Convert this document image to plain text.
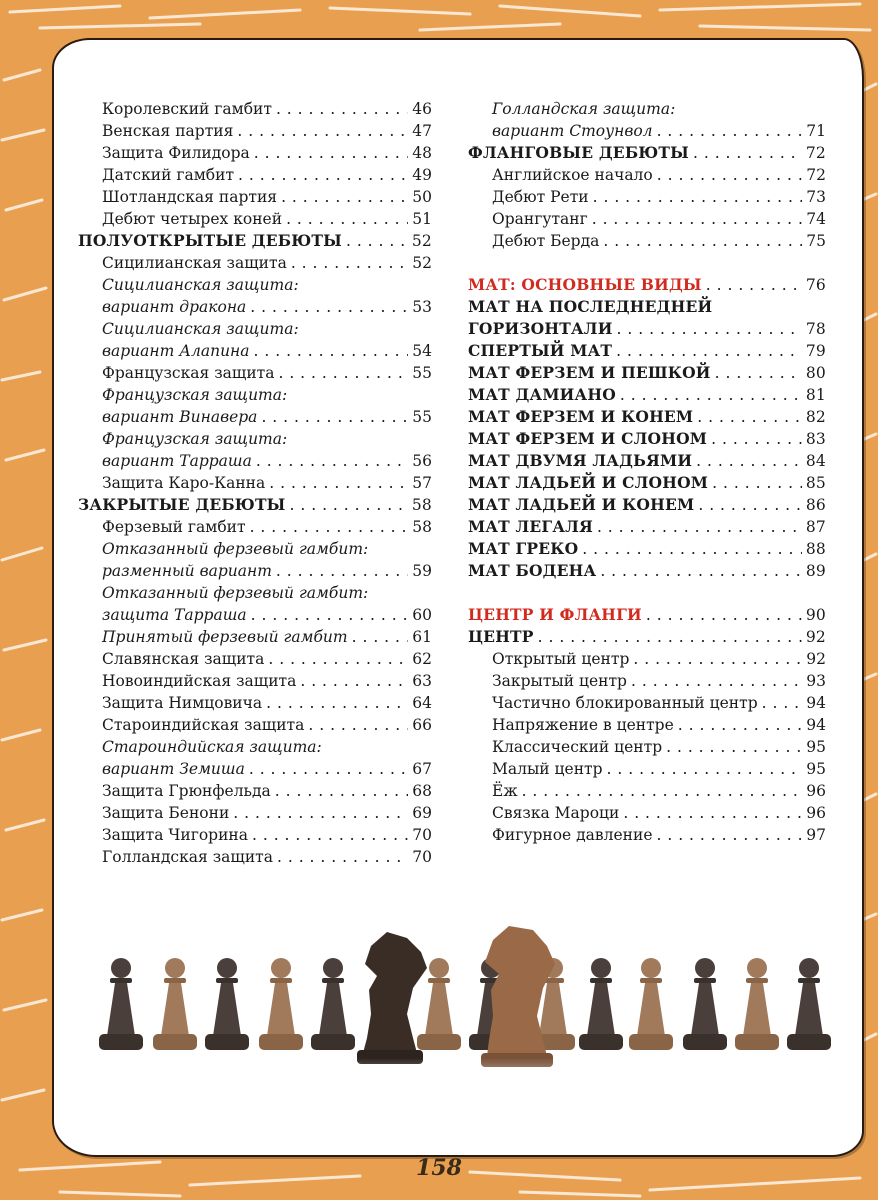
Королевский гамбит . . .	46
Венская партия . . .	47
Защита Филидора . . .	48
Датский гамбит . . .	49
Шотландская партия . . .	50
Дебют четырех коней . . .	51
ПОЛУОТКРЫТЫЕ ДЕБЮТЫ . . .	52
Сицилианская защита . . .	52
Сицилианская защита:
вариант дракона . . .	53
Сицилианская защита:
вариант Алапина . . .	54
Французская защита . . .	55
Французская защита:
вариант Винавера . . .	55
Французская защита:
вариант Тарраша . . .	56
Защита Каро-Канна . . .	57
ЗАКРЫТЫЕ ДЕБЮТЫ . . .	58
Ферзевый гамбит . . .	58
Отказанный ферзевый гамбит:
разменный вариант . . .	59
Отказанный ферзевый гамбит:
защита Тарраша . . .	60
Принятый ферзевый гамбит . . .	61
Славянская защита . . .	62
Новоиндийская защита . . .	63
Защита Нимцовича . . .	64
Староиндийская защита . . .	66
Староиндийская защита:
вариант Земиша . . .	67
Защита Грюнфельда . . .	68
Защита Бенони . . .	69
Защита Чигорина . . .	70
Голландская защита . . .	70
Голландская защита:
вариант Стоунвол . . .	71
ФЛАНГОВЫЕ ДЕБЮТЫ . . .	72
Английское начало . . .	72
Дебют Рети . . .	73
Орангутанг . . .	74
Дебют Берда . . .	75
МАТ: ОСНОВНЫЕ ВИДЫ . . .	76
МАТ НА ПОСЛЕДНЕДНЕЙ
ГОРИЗОНТАЛИ . . .	78
СПЕРТЫЙ МАТ . . .	79
МАТ ФЕРЗЕМ И ПЕШКОЙ . . .	80
МАТ ДАМИАНО . . .	81
МАТ ФЕРЗЕМ И КОНЕМ . . .	82
МАТ ФЕРЗЕМ И СЛОНОМ . . .	83
МАТ ДВУМЯ ЛАДЬЯМИ . . .	84
МАТ ЛАДЬЕЙ И СЛОНОМ . . .	85
МАТ ЛАДЬЕЙ И КОНЕМ . . .	86
МАТ ЛЕГАЛЯ . . .	87
МАТ ГРЕКО . . .	88
МАТ БОДЕНА . . .	89
ЦЕНТР И ФЛАНГИ . . .	90
ЦЕНТР . . .	92
Открытый центр . . .	92
Закрытый центр . . .	93
Частично блокированный центр . . .	94
Напряжение в центре . . .	94
Классический центр . . .	95
Малый центр . . .	95
Ёж . . .	96
Связка Мароци . . .	96
Фигурное давление . . .	97
158
